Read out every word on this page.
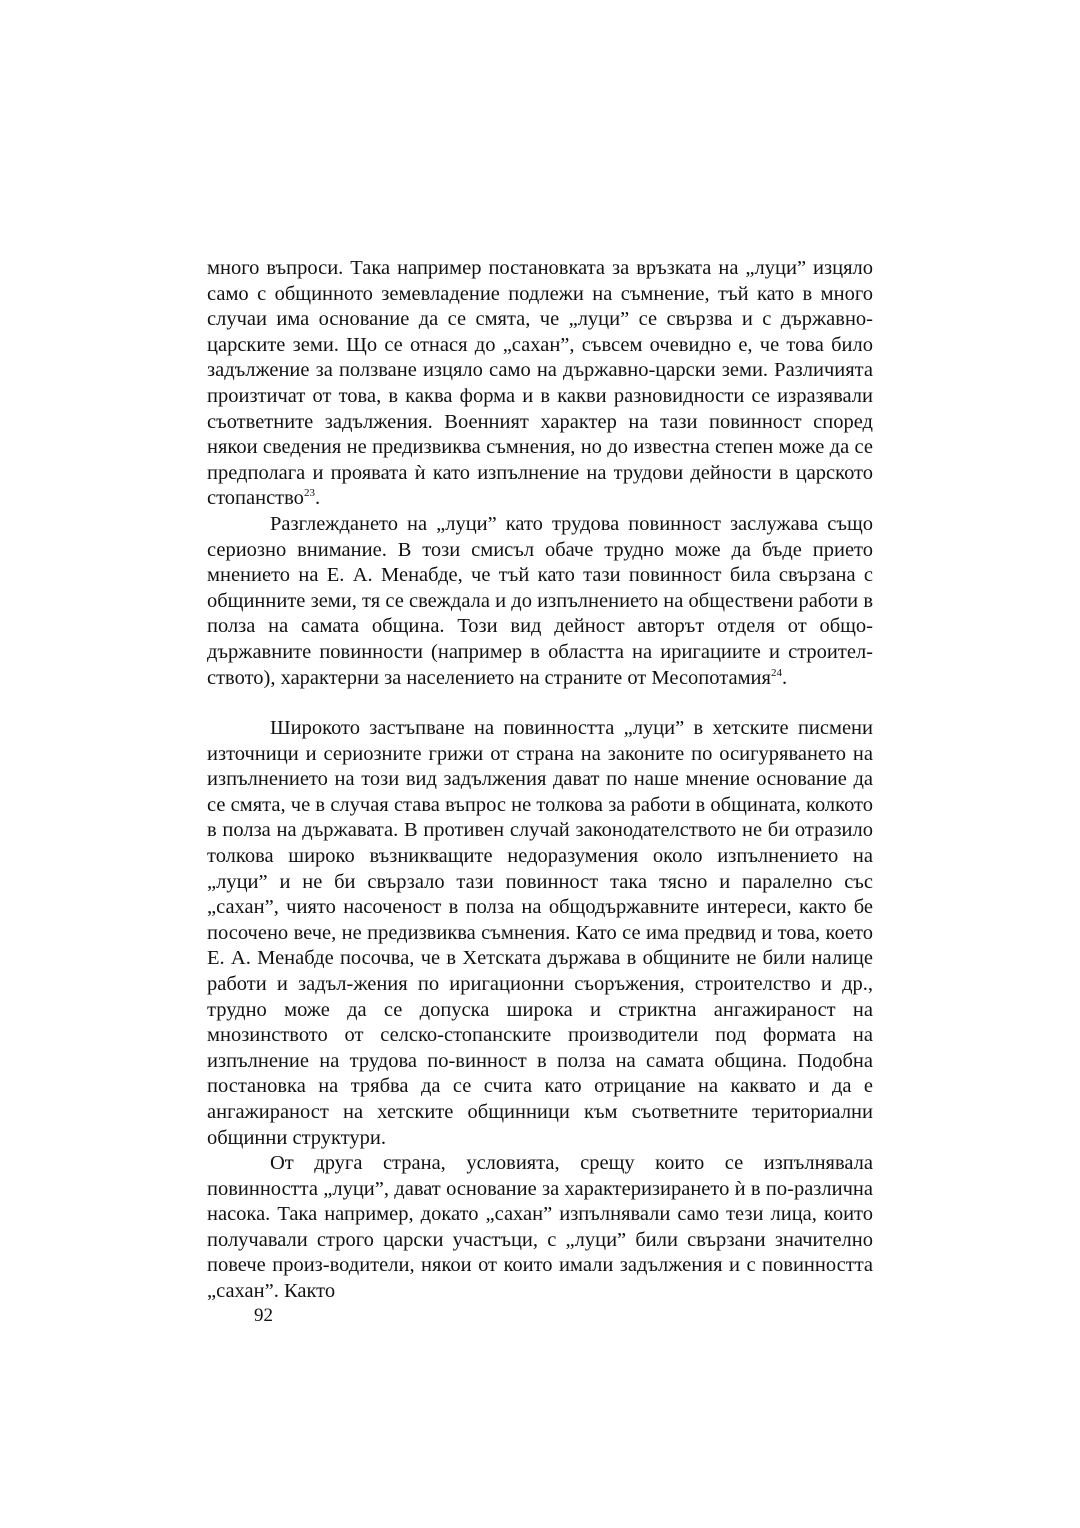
много въпроси. Така например постановката за връзката на „луци” изцяло само с общинното земевладение подлежи на съмнение, тъй като в много случаи има основание да се смята, че „луци” се свързва и с държавно-царските земи. Що се отнася до „сахан”, съвсем очевидно е, че това било задължение за ползване изцяло само на държавно-царски земи. Различията произтичат от това, в каква форма и в какви разновидности се изразявали съответните задължения. Военният характер на тази повинност според някои сведения не предизвиква съмнения, но до известна степен може да се предполага и проявата ѝ като изпълнение на трудови дейности в царското стопанство$^{23}$.

Разглеждането на „луци” като трудова повинност заслужава също сериозно внимание. В този смисъл обаче трудно може да бъде прието мнението на Е. А. Менабде, че тъй като тази повинност била свързана с общинните земи, тя се свеждала и до изпълнението на обществени работи в полза на самата община. Този вид дейност авторът отделя от общо-държавните повинности (например в областта на иригациите и строител-ството), характерни за населението на страните от Месопотамия$^{24}$.

Широкото застъпване на повинността „луци” в хетските писмени източници и сериозните грижи от страна на законите по осигуряването на изпълнението на този вид задължения дават по наше мнение основание да се смята, че в случая става въпрос не толкова за работи в общината, колкото в полза на държавата. В противен случай законодателството не би отразило толкова широко възникващите недоразумения около изпълнението на „луци” и не би свързало тази повинност така тясно и паралелно със „сахан”, чиято насоченост в полза на общодържавните интереси, както бе посочено вече, не предизвиква съмнения. Като се има предвид и това, което Е. А. Менабде посочва, че в Хетската държава в общините не били налице работи и задъл-жения по иригационни съоръжения, строителство и др., трудно може да се допуска широка и стриктна ангажираност на мнозинството от селско-стопанските производители под формата на изпълнение на трудова по-винност в полза на самата община. Подобна постановка на трябва да се счита като отрицание на каквато и да е ангажираност на хетските общинници към съответните териториални общинни структури.

От друга страна, условията, срещу които се изпълнявала повинността „луци”, дават основание за характеризирането ѝ в по-различна насока. Така например, докато „сахан” изпълнявали само тези лица, които получавали строго царски участъци, с „луци” били свързани значително повече произ-водители, някои от които имали задължения и с повинността „сахан”. Както

92
